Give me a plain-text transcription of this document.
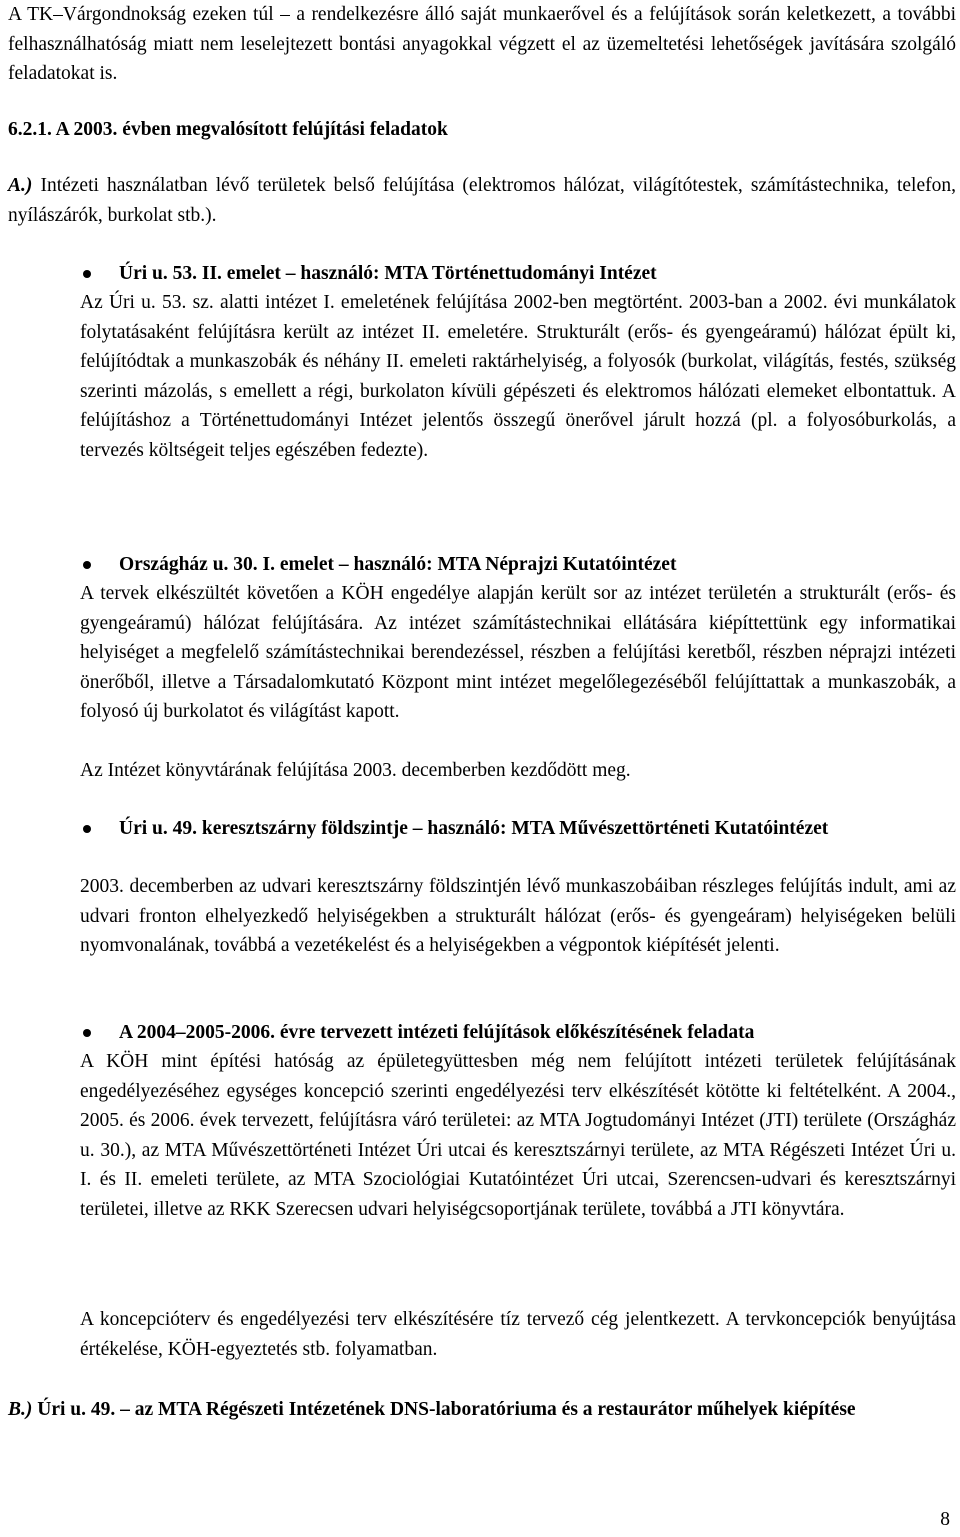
A TK–Várgondnokság ezeken túl – a rendelkezésre álló saját munkaerővel és a felújítások során keletkezett, a további felhasználhatóság miatt nem leselejtezett bontási anyagokkal végzett el az üzemeltetési lehetőségek javítására szolgáló feladatokat is.

6.2.1. A 2003. évben megvalósított felújítási feladatok

A.) Intézeti használatban lévő területek belső felújítása (elektromos hálózat, világítótestek, számítástechnika, telefon, nyílászárók, burkolat stb.).

Úri u. 53. II. emelet – használó: MTA Történettudományi Intézet

Az Úri u. 53. sz. alatti intézet I. emeletének felújítása 2002-ben megtörtént. 2003-ban a 2002. évi munkálatok folytatásaként felújításra került az intézet II. emeletére. Strukturált (erős- és gyengeáramú) hálózat épült ki, felújítódtak a munkaszobák és néhány II. emeleti raktárhelyiség, a folyosók (burkolat, világítás, festés, szükség szerinti mázolás, s emellett a régi, burkolaton kívüli gépészeti és elektromos hálózati elemeket elbontattuk. A felújításhoz a Történettudományi Intézet jelentős összegű önerővel járult hozzá (pl. a folyosóburkolás, a tervezés költségeit teljes egészében fedezte).

Országház u. 30. I. emelet – használó: MTA Néprajzi Kutatóintézet

A tervek elkészültét követően a KÖH engedélye alapján került sor az intézet területén a strukturált (erős- és gyengeáramú) hálózat felújítására. Az intézet számítástechnikai ellátására kiépíttettünk egy informatikai helyiséget a megfelelő számítástechnikai berendezéssel, részben a felújítási keretből, részben néprajzi intézeti önerőből, illetve a Társadalomkutató Központ mint intézet megelőlegezéséből felújíttattak a munkaszobák, a folyosó új burkolatot és világítást kapott.

Az Intézet könyvtárának felújítása 2003. decemberben kezdődött meg.

Úri u. 49. keresztszárny földszintje – használó: MTA Művészettörténeti Kutatóintézet

2003. decemberben az udvari keresztszárny földszintjén lévő munkaszobáiban részleges felújítás indult, ami az udvari fronton elhelyezkedő helyiségekben a strukturált hálózat (erős- és gyengeáram) helyiségeken belüli nyomvonalának, továbbá a vezetékelést és a helyiségekben a végpontok kiépítését jelenti.

A 2004–2005-2006. évre tervezett intézeti felújítások előkészítésének feladata

A KÖH mint építési hatóság az épületegyüttesben még nem felújított intézeti területek felújításának engedélyezéséhez egységes koncepció szerinti engedélyezési terv elkészítését kötötte ki feltételként. A 2004., 2005. és 2006. évek tervezett, felújításra váró területei: az MTA Jogtudományi Intézet (JTI) területe (Országház u. 30.), az MTA Művészettörténeti Intézet Úri utcai és keresztszárnyi területe, az MTA Régészeti Intézet Úri u. I. és II. emeleti területe, az MTA Szociológiai Kutatóintézet Úri utcai, Szerencsen-udvari és keresztszárnyi területei, illetve az RKK Szerecsen udvari helyiségcsoportjának területe, továbbá a JTI könyvtára.

A koncepcióterv és engedélyezési terv elkészítésére tíz tervező cég jelentkezett. A tervkoncepciók benyújtása értékelése, KÖH-egyeztetés stb. folyamatban.

B.) Úri u. 49. – az MTA Régészeti Intézetének DNS-laboratóriuma és a restaurátor műhelyek kiépítése

8
